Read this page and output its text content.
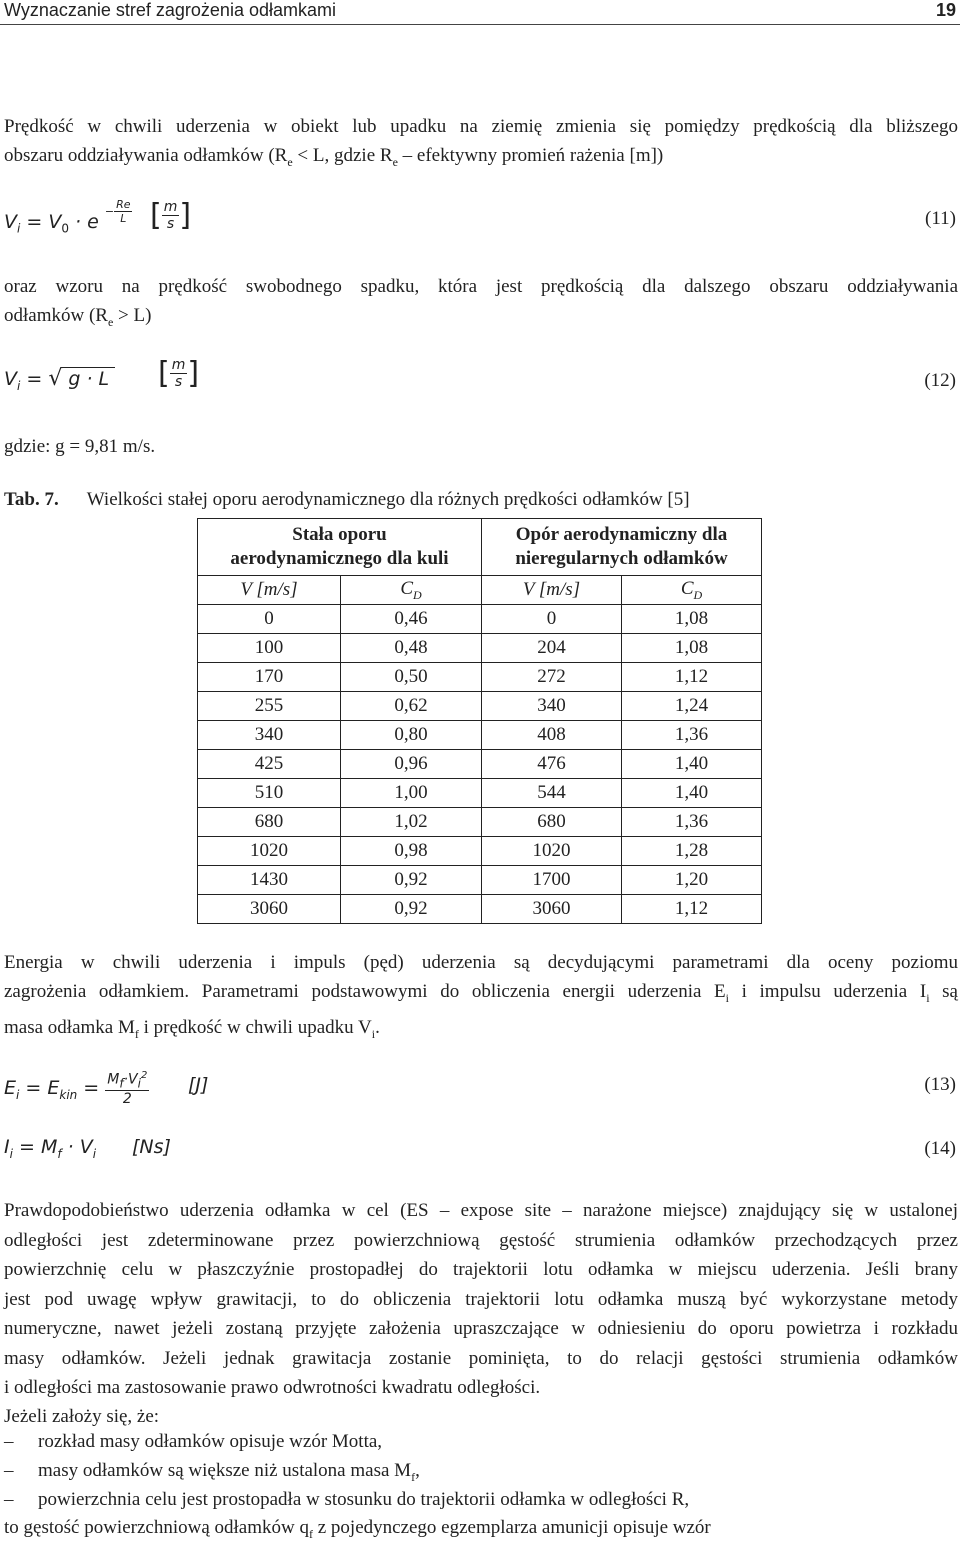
Wyznaczanie stref zagrożenia odłamkami	19
Prędkość w chwili uderzenia w obiekt lub upadku na ziemię zmienia się pomiędzy prędkością dla bliższego
obszaru oddziaływania odłamków ($R_e < L$, gdzie $R_e$ – efektywny promień rażenia [m])
$V_i = V_0 \cdot e$ $^{- \frac{Re}{L}}$ [ $\frac{m}{s}$ ]	(11)
oraz wzoru na prędkość swobodnego spadku, która jest prędkością dla dalszego obszaru oddziaływania
odłamków $(R_e > L)$
$V_i$ = √ g · L [ $\frac{m}{s}$ ]	(12)
gdzie: g = 9,81 m/s.
Tab. 7. Wielkości stałej oporu aerodynamicznego dla różnych prędkości odłamków [5]
Stała oporu
aerodynamicznego dla kuli		Opór aerodynamiczny dla
nieregularnych odłamków	
V [m/s]	$C_D$	V [m/s]	$C_D$
0	0,46	0	1,08
100	0,48	204	1,08
170	0,50	272	1,12
255	0,62	340	1,24
340	0,80	408	1,36
425	0,96	476	1,40
510	1,00	544	1,40
680	1,02	680	1,36
1020	0,98	1020	1,28
1430	0,92	1700	1,20
3060	0,92	3060	1,12
Energia w chwili uderzenia i impuls (pęd) uderzenia są decydującymi parametrami dla oceny poziomu
zagrożenia odłamkiem. Parametrami podstawowymi do obliczenia energii uderzenia $E_i$ i impulsu uderzenia $I_i$ są
masa odłamka $M_f$ i prędkość w chwili upadku $V_i$.
$E_i = E_{kin} = \frac{M_f\cdot V_i^2}{2} [J]$	(13)
$I_i = M_f \cdot V_i$ [Ns]	(14)
Prawdopodobieństwo uderzenia odłamka w cel (ES – expose site – narażone miejsce) znajdujący się w ustalonej
odległości jest zdeterminowane przez powierzchniową gęstość strumienia odłamków przechodzących przez
powierzchnię celu w płaszczyźnie prostopadłej do trajektorii lotu odłamka w miejscu uderzenia. Jeśli brany
jest pod uwagę wpływ grawitacji, to do obliczenia trajektorii lotu odłamka muszą być wykorzystane metody
numeryczne, nawet jeżeli zostaną przyjęte założenia upraszczające w odniesieniu do oporu powietrza i rozkładu
masy odłamków. Jeżeli jednak grawitacja zostanie pominięta, to do relacji gęstości strumienia odłamków
i odległości ma zastosowanie prawo odwrotności kwadratu odległości.
Jeżeli założy się, że:
– rozkład masy odłamków opisuje wzór Motta,
– masy odłamków są większe niż ustalona masa $M_f$,
– powierzchnia celu jest prostopadła w stosunku do trajektorii odłamka w odległości R,
to gęstość powierzchniową odłamków $q_f$ z pojedynczego egzemplarza amunicji opisuje wzór
